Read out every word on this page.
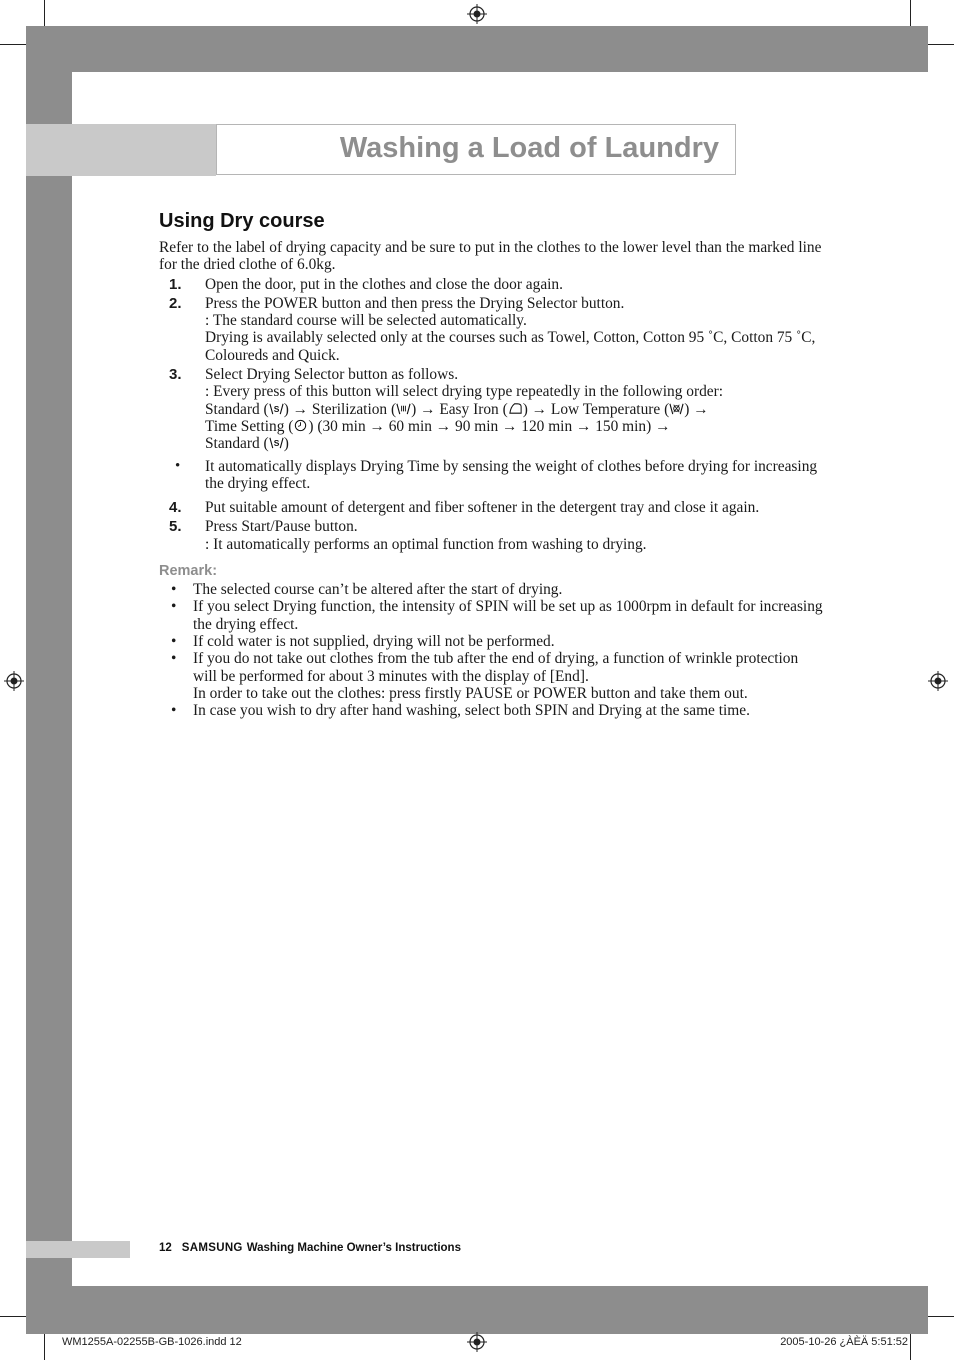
Washing a Load of Laundry
Using Dry course

Refer to the label of drying capacity and be sure to put in the clothes to the lower level than the marked line for the dried clothe of 6.0kg.

1.	Open the door, put in the clothes and close the door again.
2.	Press the POWER button and then press the Drying Selector button.
: The standard course will be selected automatically.
Drying is availably selected only at the courses such as Towel, Cotton, Cotton 95 ˚C, Cotton 75 ˚C, Coloureds and Quick.
3.	Select Drying Selector button as follows.
: Every press of this button will select drying type repeatedly in the following order:
Standard ( S ) → Sterilization ( ) → Easy Iron ( ) → Low Temperature ( ) →
Time Setting ( ) (30 min → 60 min → 90 min → 120 min → 150 min) →
Standard ( S )
•	It automatically displays Drying Time by sensing the weight of clothes before drying for increasing the drying effect.
4.	Put suitable amount of detergent and fiber softener in the detergent tray and close it again.
5.	Press Start/Pause button.
: It automatically performs an optimal function from washing to drying.
Remark:
•	The selected course can’t be altered after the start of drying.
•	If you select Drying function, the intensity of SPIN will be set up as 1000rpm in default for increasing the drying effect.
•	If cold water is not supplied, drying will not be performed.
•	If you do not take out clothes from the tub after the end of drying, a function of wrinkle protection will be performed for about 3 minutes with the display of [End].
In order to take out the clothes: press firstly PAUSE or POWER button and take them out.
•	In case you wish to dry after hand washing, select both SPIN and Drying at the same time.
12 SAMSUNG Washing Machine Owner’s Instructions
WM1255A-02255B-GB-1026.indd 12	2005-10-26 ¿ÀÈÄ 5:51:52
